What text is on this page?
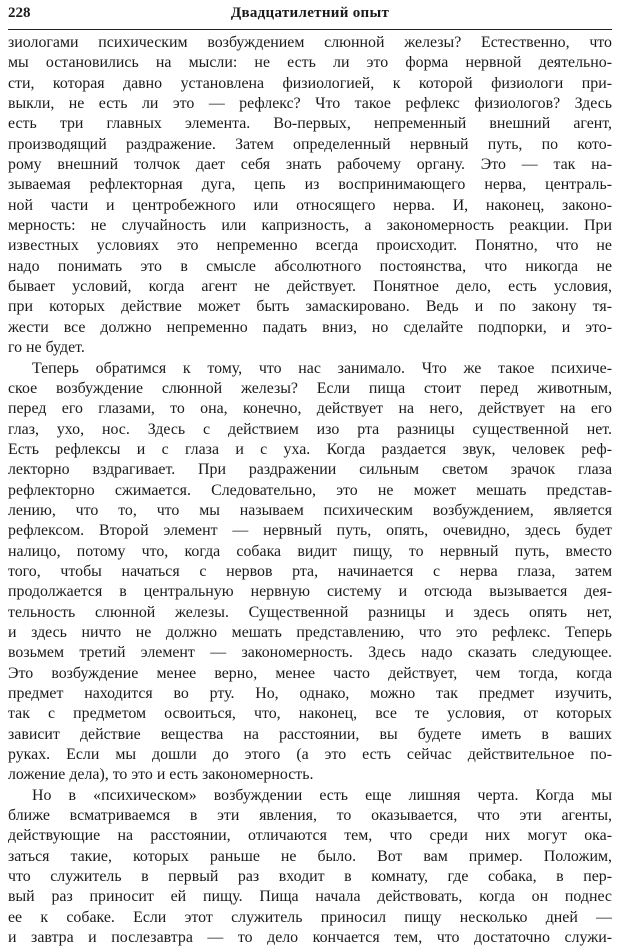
228	Двадцатилетний опыт
зиологами психическим возбуждением слюнной железы? Естественно, что
мы остановились на мысли: не есть ли это форма нервной деятельно-
сти, которая давно установлена физиологией, к которой физиологи при-
выкли, не есть ли это — рефлекс? Что такое рефлекс физиологов? Здесь
есть три главных элемента. Во-первых, непременный внешний агент,
производящий раздражение. Затем определенный нервный путь, по кото-
рому внешний толчок дает себя знать рабочему органу. Это — так на-
зываемая рефлекторная дуга, цепь из воспринимающего нерва, централь-
ной части и центробежного или относящего нерва. И, наконец, законо-
мерность: не случайность или капризность, а закономерность реакции. При
известных условиях это непременно всегда происходит. Понятно, что не
надо понимать это в смысле абсолютного постоянства, что никогда не
бывает условий, когда агент не действует. Понятное дело, есть условия,
при которых действие может быть замаскировано. Ведь и по закону тя-
жести все должно непременно падать вниз, но сделайте подпорки, и это-
го не будет.
Теперь обратимся к тому, что нас занимало. Что же такое психиче-
ское возбуждение слюнной железы? Если пища стоит перед животным,
перед его глазами, то она, конечно, действует на него, действует на его
глаз, ухо, нос. Здесь с действием изо рта разницы существенной нет.
Есть рефлексы и с глаза и с уха. Когда раздается звук, человек реф-
лекторно вздрагивает. При раздражении сильным светом зрачок глаза
рефлекторно сжимается. Следовательно, это не может мешать представ-
лению, что то, что мы называем психическим возбуждением, является
рефлексом. Второй элемент — нервный путь, опять, очевидно, здесь будет
налицо, потому что, когда собака видит пищу, то нервный путь, вместо
того, чтобы начаться с нервов рта, начинается с нерва глаза, затем
продолжается в центральную нервную систему и отсюда вызывается дея-
тельность слюнной железы. Существенной разницы и здесь опять нет,
и здесь ничто не должно мешать представлению, что это рефлекс. Теперь
возьмем третий элемент — закономерность. Здесь надо сказать следующее.
Это возбуждение менее верно, менее часто действует, чем тогда, когда
предмет находится во рту. Но, однако, можно так предмет изучить,
так с предметом освоиться, что, наконец, все те условия, от которых
зависит действие вещества на расстоянии, вы будете иметь в ваших
руках. Если мы дошли до этого (а это есть сейчас действительное по-
ложение дела), то это и есть закономерность.
Но в «психическом» возбуждении есть еще лишняя черта. Когда мы
ближе всматриваемся в эти явления, то оказывается, что эти агенты,
действующие на расстоянии, отличаются тем, что среди них могут ока-
заться такие, которых раньше не было. Вот вам пример. Положим,
что служитель в первый раз входит в комнату, где собака, в пер-
вый раз приносит ей пищу. Пища начала действовать, когда он поднес
ее к собаке. Если этот служитель приносил пищу несколько дней —
и завтра и послезавтра — то дело кончается тем, что достаточно служи-
